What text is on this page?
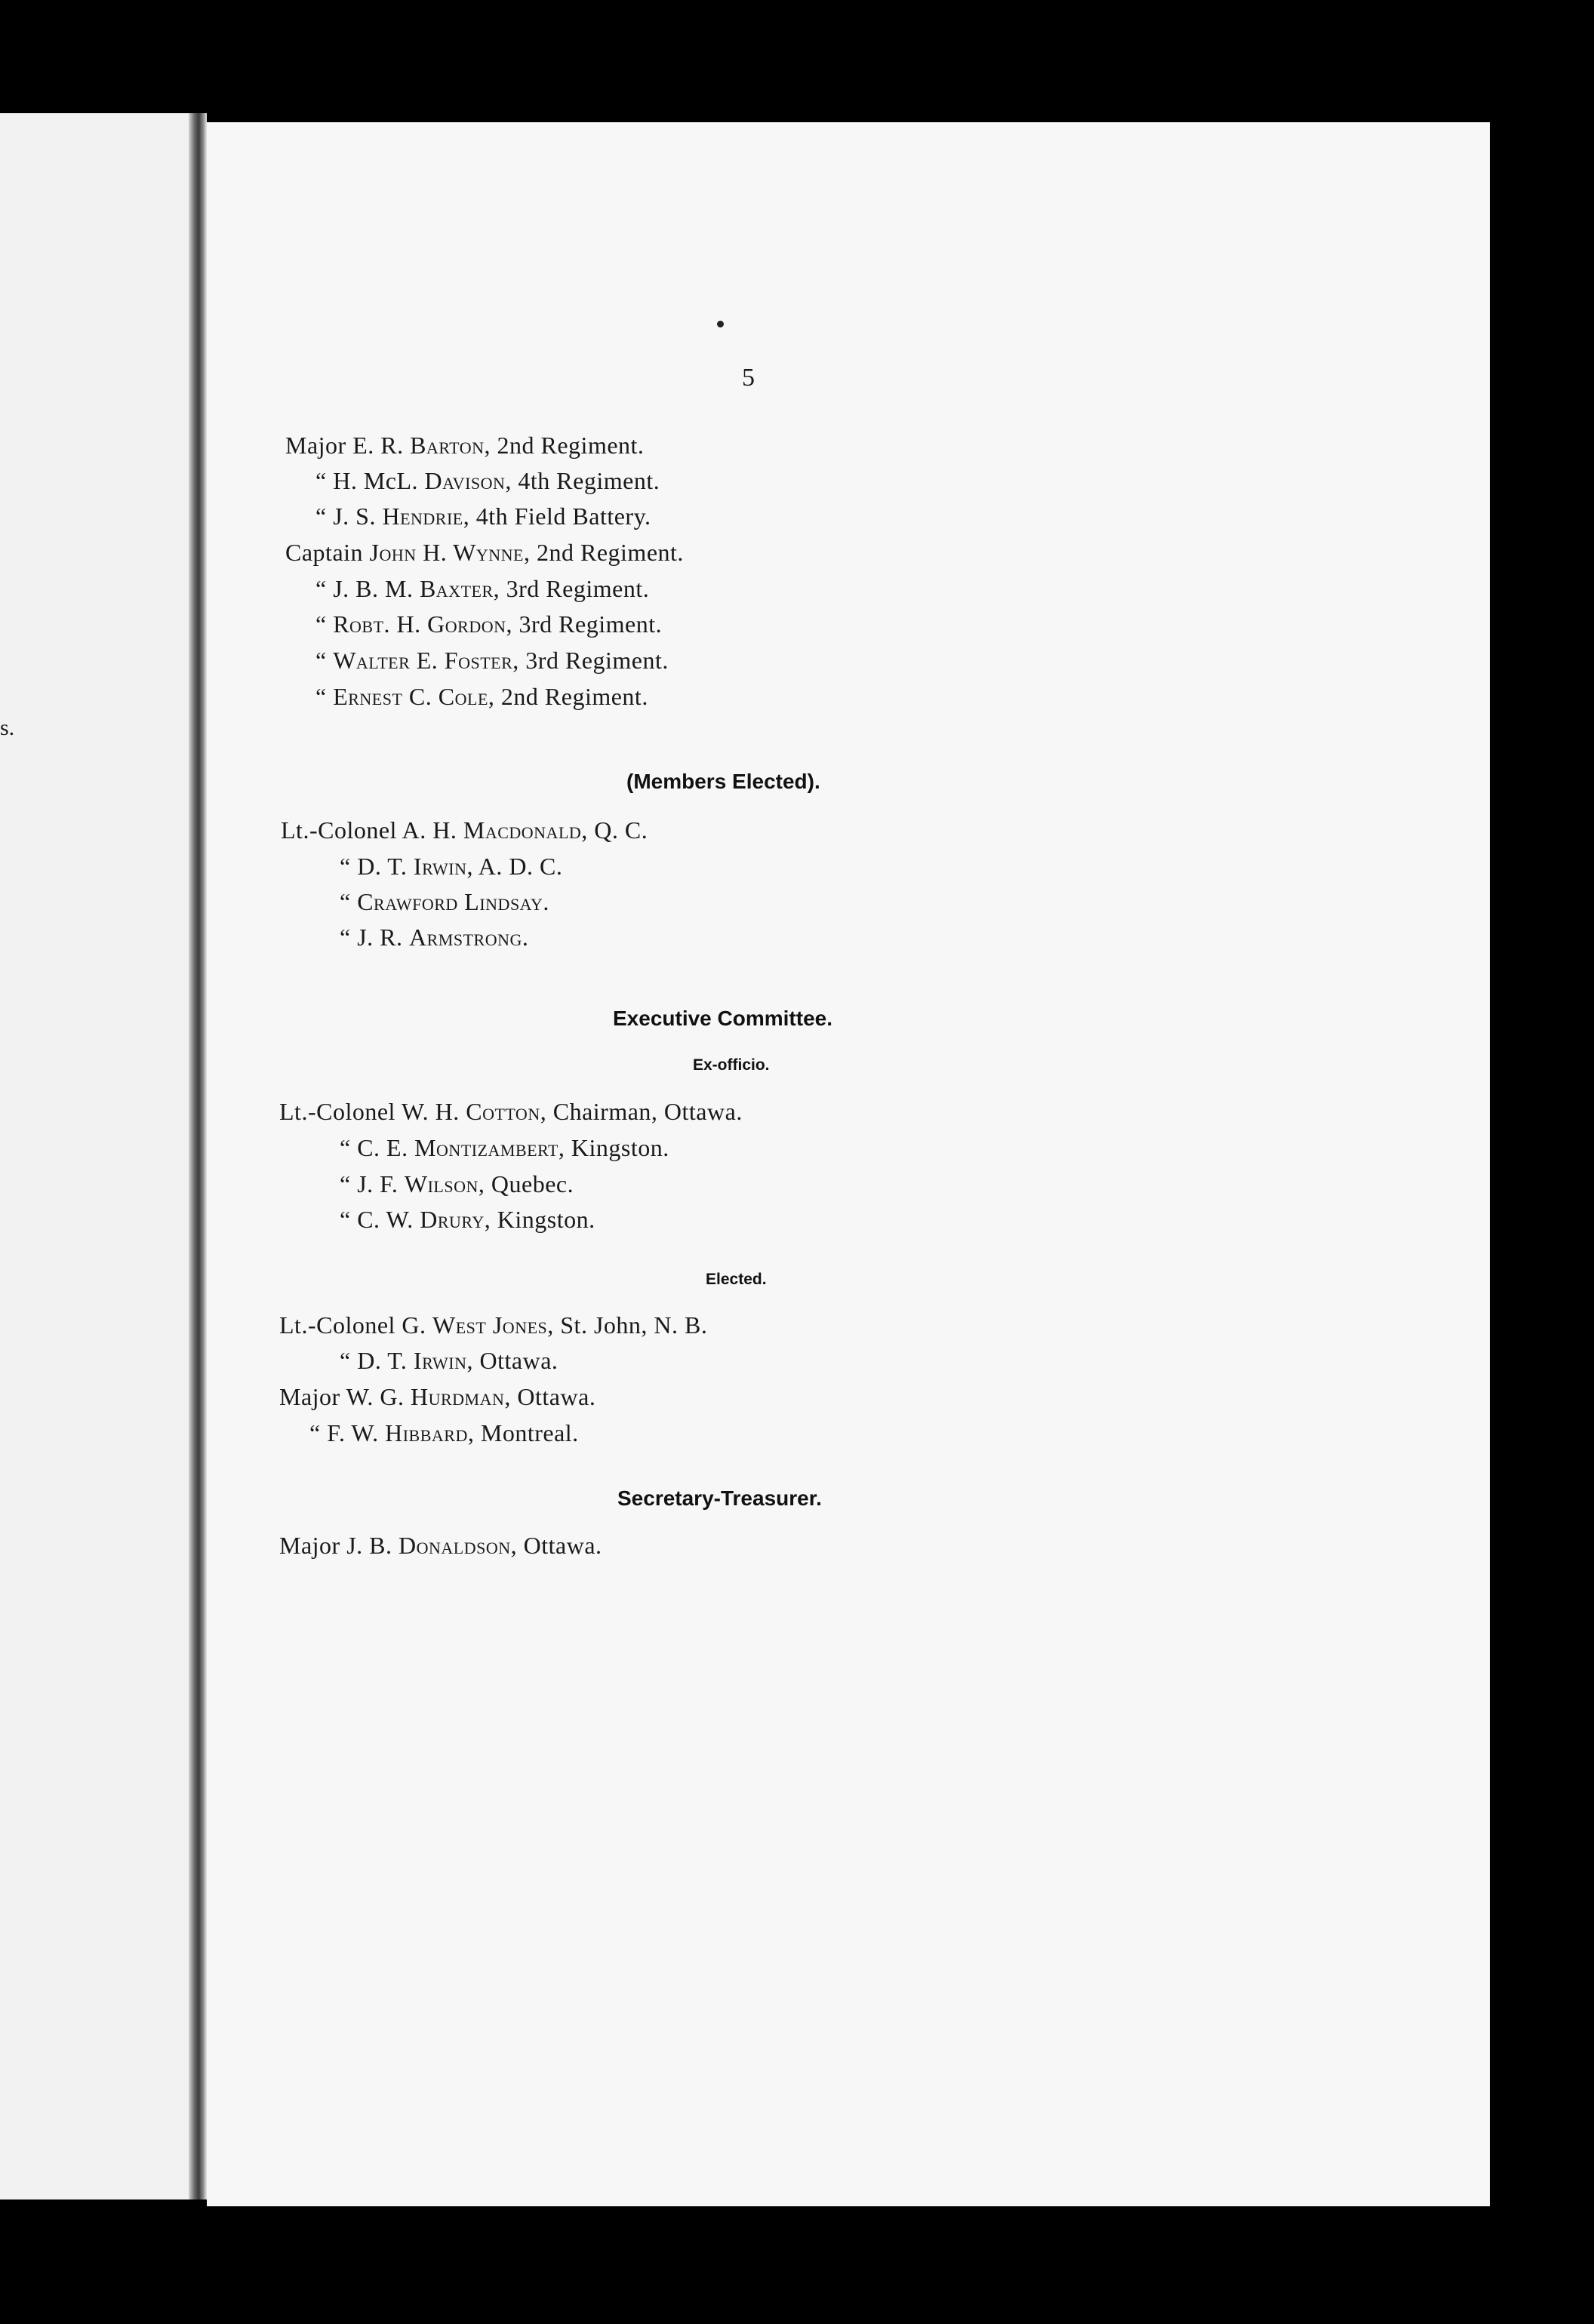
s.
5
Major E. R. Barton, 2nd Regiment.
“ H. McL. Davison, 4th Regiment.
“ J. S. Hendrie, 4th Field Battery.
Captain John H. Wynne, 2nd Regiment.
“ J. B. M. Baxter, 3rd Regiment.
“ Robt. H. Gordon, 3rd Regiment.
“ Walter E. Foster, 3rd Regiment.
“ Ernest C. Cole, 2nd Regiment.
(Members Elected).
Lt.-Colonel A. H. Macdonald, Q. C.
“ D. T. Irwin, A. D. C.
“ Crawford Lindsay.
“ J. R. Armstrong.
Executive Committee.
Ex-officio.
Lt.-Colonel W. H. Cotton, Chairman, Ottawa.
“ C. E. Montizambert, Kingston.
“ J. F. Wilson, Quebec.
“ C. W. Drury, Kingston.
Elected.
Lt.-Colonel G. West Jones, St. John, N. B.
“ D. T. Irwin, Ottawa.
Major W. G. Hurdman, Ottawa.
“ F. W. Hibbard, Montreal.
Secretary-Treasurer.
Major J. B. Donaldson, Ottawa.
